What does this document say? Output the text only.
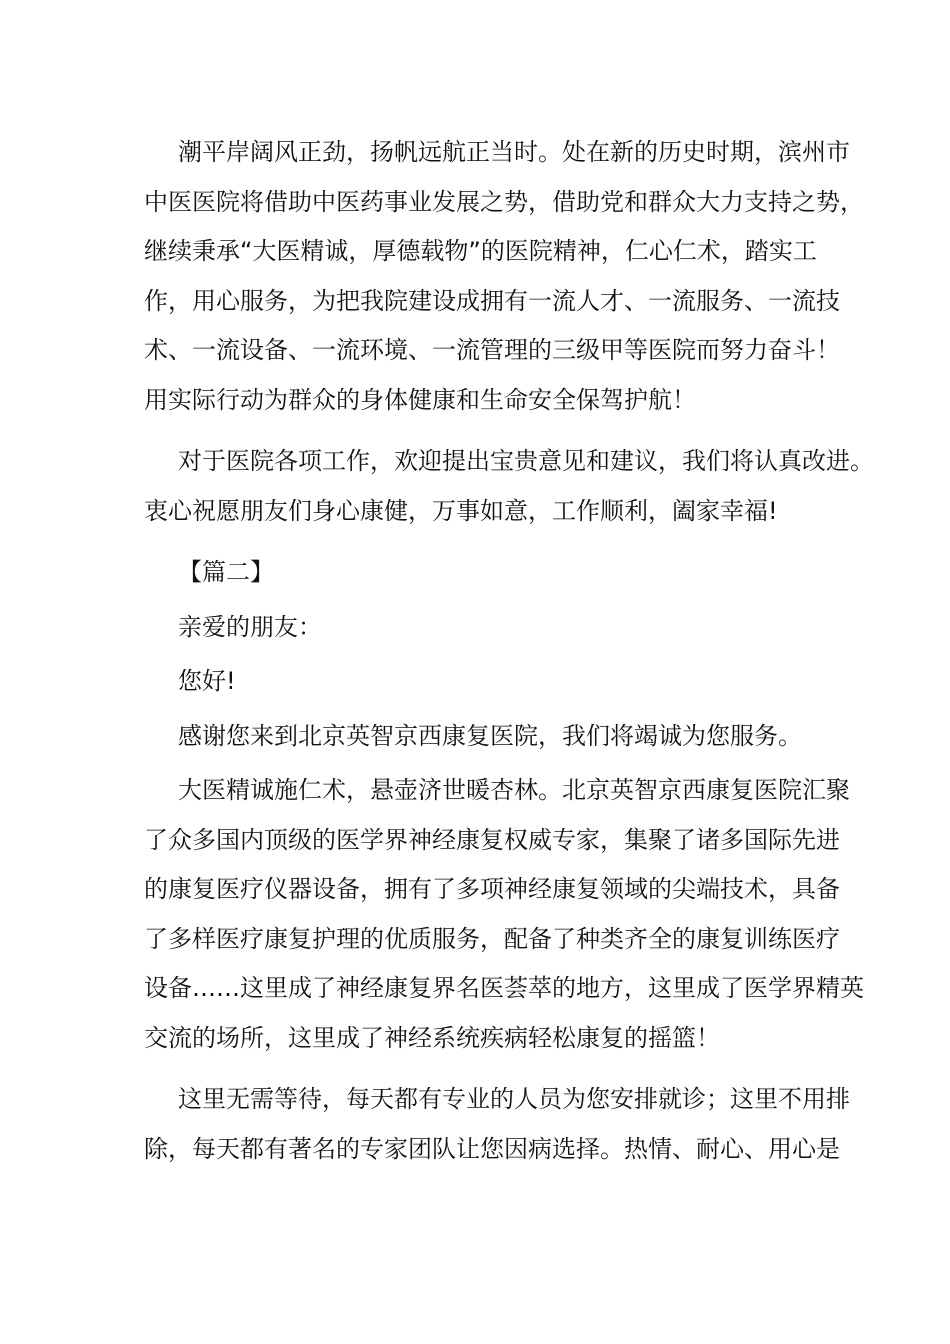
潮平岸阔风正劲，扬帆远航正当时。处在新的历史时期，滨州市
中医医院将借助中医药事业发展之势，借助党和群众大力支持之势，
继续秉承“大医精诚，厚德载物”的医院精神，仁心仁术，踏实工
作，用心服务，为把我院建设成拥有一流人才、一流服务、一流技
术、一流设备、一流环境、一流管理的三级甲等医院而努力奋斗！
用实际行动为群众的身体健康和生命安全保驾护航！

对于医院各项工作，欢迎提出宝贵意见和建议，我们将认真改进。
衷心祝愿朋友们身心康健，万事如意，工作顺利，阖家幸福!

【篇二】

亲爱的朋友：

您好!

感谢您来到北京英智京西康复医院，我们将竭诚为您服务。

大医精诚施仁术，悬壶济世暖杏林。北京英智京西康复医院汇聚
了众多国内顶级的医学界神经康复权威专家，集聚了诸多国际先进
的康复医疗仪器设备，拥有了多项神经康复领域的尖端技术，具备
了多样医疗康复护理的优质服务，配备了种类齐全的康复训练医疗
设备……这里成了神经康复界名医荟萃的地方，这里成了医学界精英
交流的场所，这里成了神经系统疾病轻松康复的摇篮！

这里无需等待，每天都有专业的人员为您安排就诊；这里不用排
除，每天都有著名的专家团队让您因病选择。热情、耐心、用心是
